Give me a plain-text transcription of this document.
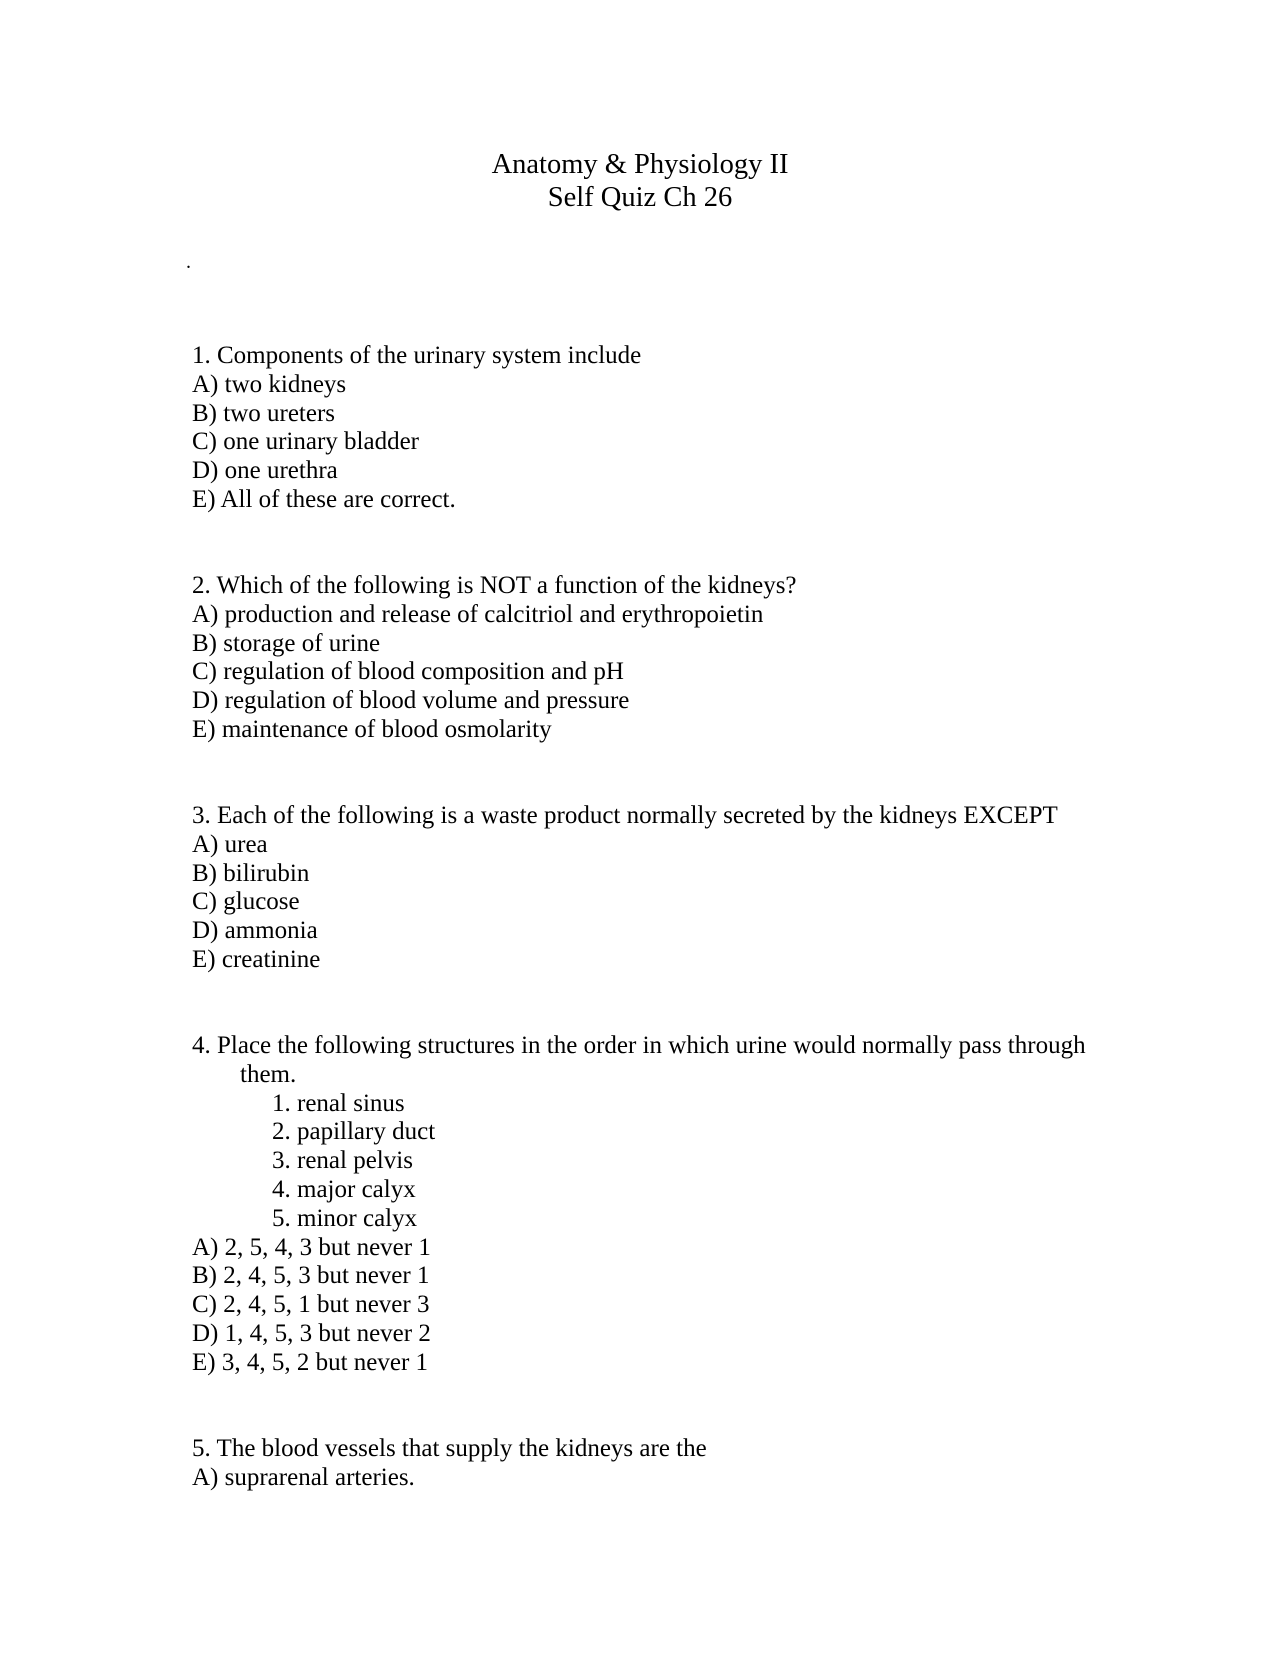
Anatomy & Physiology II
Self Quiz Ch 26
.
1. Components of the urinary system include
A) two kidneys
B) two ureters
C) one urinary bladder
D) one urethra
E) All of these are correct.
2. Which of the following is NOT a function of the kidneys?
A) production and release of calcitriol and erythropoietin
B) storage of urine
C) regulation of blood composition and pH
D) regulation of blood volume and pressure
E) maintenance of blood osmolarity
3. Each of the following is a waste product normally secreted by the kidneys EXCEPT
A) urea
B) bilirubin
C) glucose
D) ammonia
E) creatinine
4. Place the following structures in the order in which urine would normally pass through
them.
1. renal sinus
2. papillary duct
3. renal pelvis
4. major calyx
5. minor calyx
A) 2, 5, 4, 3 but never 1
B) 2, 4, 5, 3 but never 1
C) 2, 4, 5, 1 but never 3
D) 1, 4, 5, 3 but never 2
E) 3, 4, 5, 2 but never 1
5. The blood vessels that supply the kidneys are the
A) suprarenal arteries.
